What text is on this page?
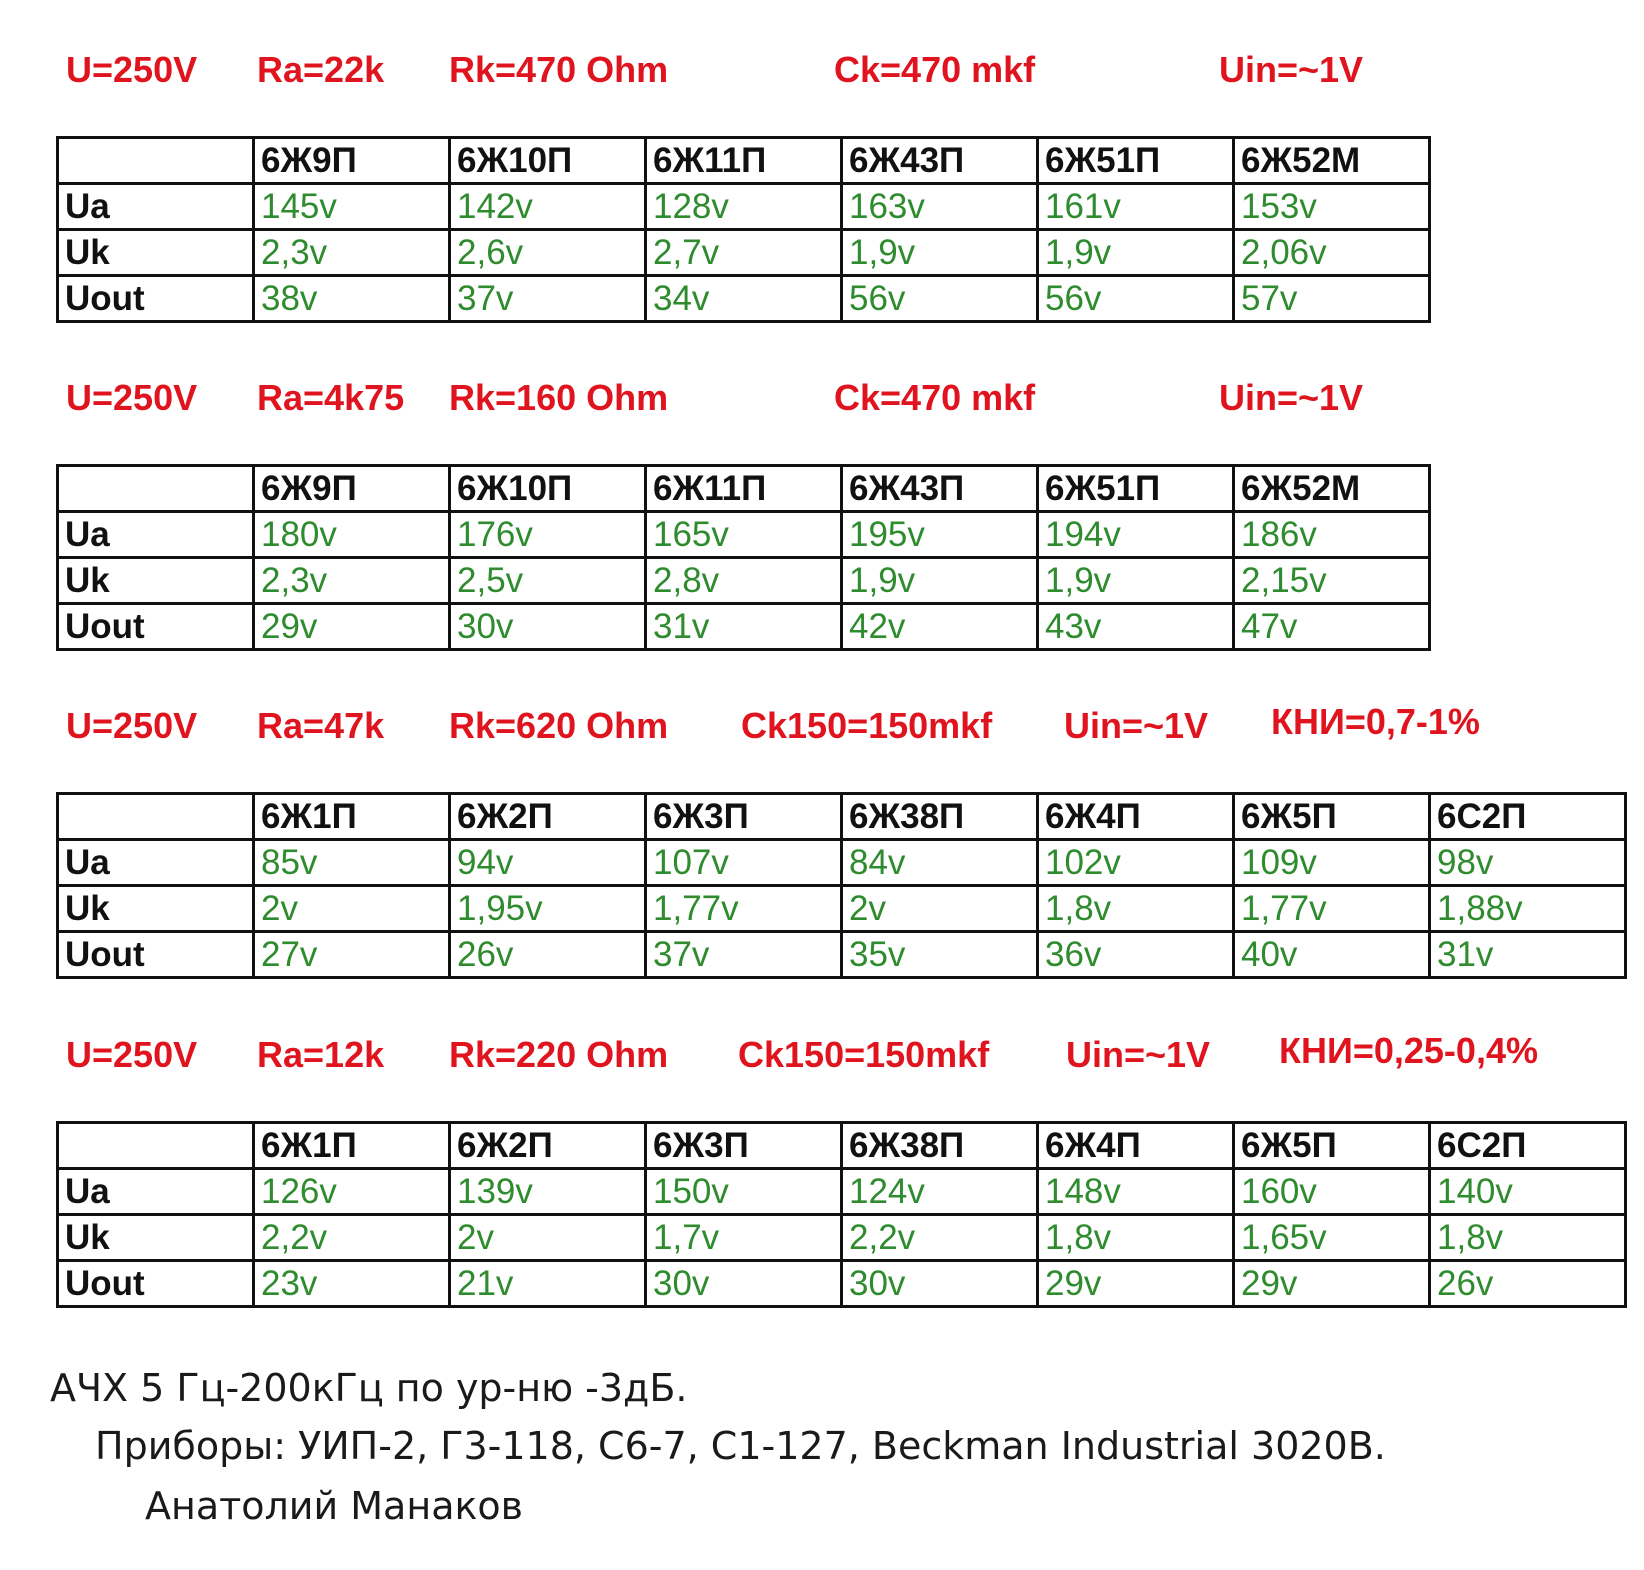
U=250V Ra=22k Rk=470 Ohm	Ck=470 mkf	Uin=~1V
	6Ж9П	6Ж10П	6Ж11П	6Ж43П	6Ж51П	6Ж52М
Ua	145v	142v	128v	163v	161v	153v
Uk	2,3v	2,6v	2,7v	1,9v	1,9v	2,06v
Uout	38v	37v	34v	56v	56v	57v
U=250V Ra=4k75 Rk=160 Ohm	Ck=470 mkf	Uin=~1V
	6Ж9П	6Ж10П	6Ж11П	6Ж43П	6Ж51П	6Ж52М
Ua	180v	176v	165v	195v	194v	186v
Uk	2,3v	2,5v	2,8v	1,9v	1,9v	2,15v
Uout	29v	30v	31v	42v	43v	47v
U=250V Ra=47k Rk=620 Ohm Ck150=150mkf Uin=~1V КНИ=0,7-1%
	6Ж1П	6Ж2П	6Ж3П	6Ж38П	6Ж4П	6Ж5П	6С2П
Ua	85v	94v	107v	84v	102v	109v	98v
Uk	2v	1,95v	1,77v	2v	1,8v	1,77v	1,88v
Uout	27v	26v	37v	35v	36v	40v	31v
U=250V Ra=12k Rk=220 Ohm Ck150=150mkf Uin=~1V КНИ=0,25-0,4%
	6Ж1П	6Ж2П	6Ж3П	6Ж38П	6Ж4П	6Ж5П	6С2П
Ua	126v	139v	150v	124v	148v	160v	140v
Uk	2,2v	2v	1,7v	2,2v	1,8v	1,65v	1,8v
Uout	23v	21v	30v	30v	29v	29v	26v
АЧХ 5 Гц-200кГц по ур-ню -3дБ.
Приборы: УИП-2, Г3-118, С6-7, С1-127, Beckman Industrial 3020B.
Анатолий Манаков
